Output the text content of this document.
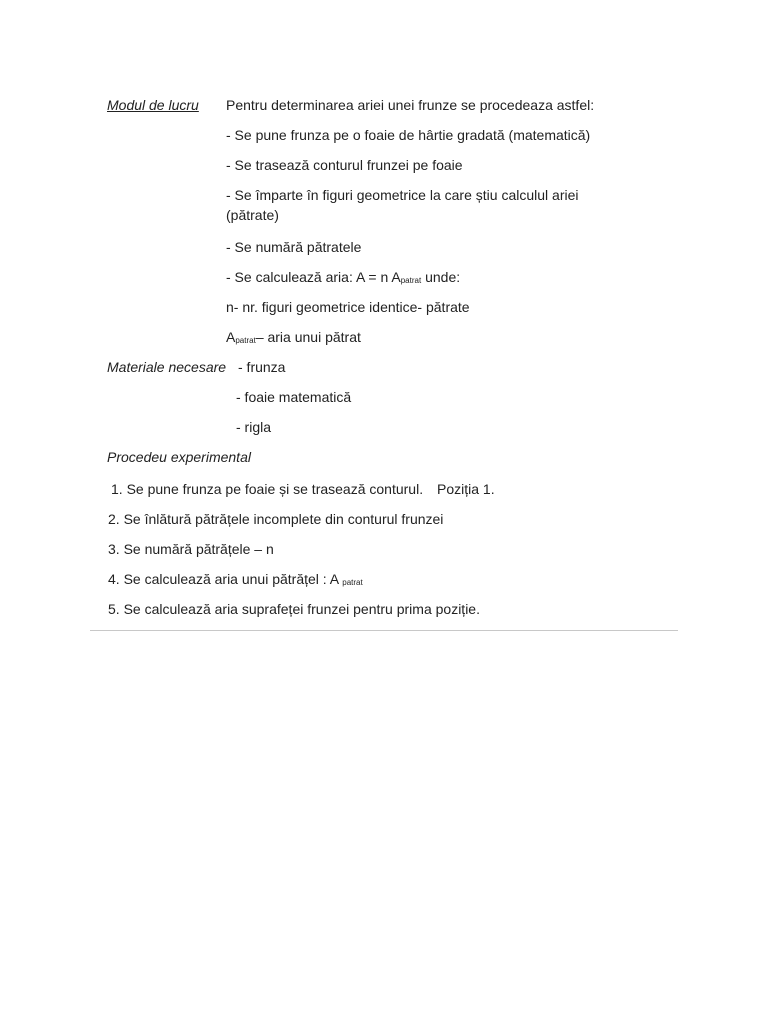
Modul de lucru Pentru determinarea ariei unei frunze se procedeaza astfel:
- Se pune frunza pe o foaie de hârtie gradată (matematică)
- Se trasează conturul frunzei pe foaie
- Se împarte în figuri geometrice la care știu calculul ariei
(pătrate)
- Se numără pătratele
- Se calculează aria: A = n $A_{patrat}$ unde:
n- nr. figuri geometrice identice- pătrate
$A_{patrat}-$ aria unui pătrat
Materiale necesare - frunza
- foaie matematică
- rigla
Procedeu experimental
1. Se pune frunza pe foaie și se trasează conturul. Poziția 1.
2. Se înlătură pătrățele incomplete din conturul frunzei
3. Se numără pătrățele – n
4. Se calculează aria unui pătrățel : A $_{patrat}$
5. Se calculează aria suprafeței frunzei pentru prima poziție.
